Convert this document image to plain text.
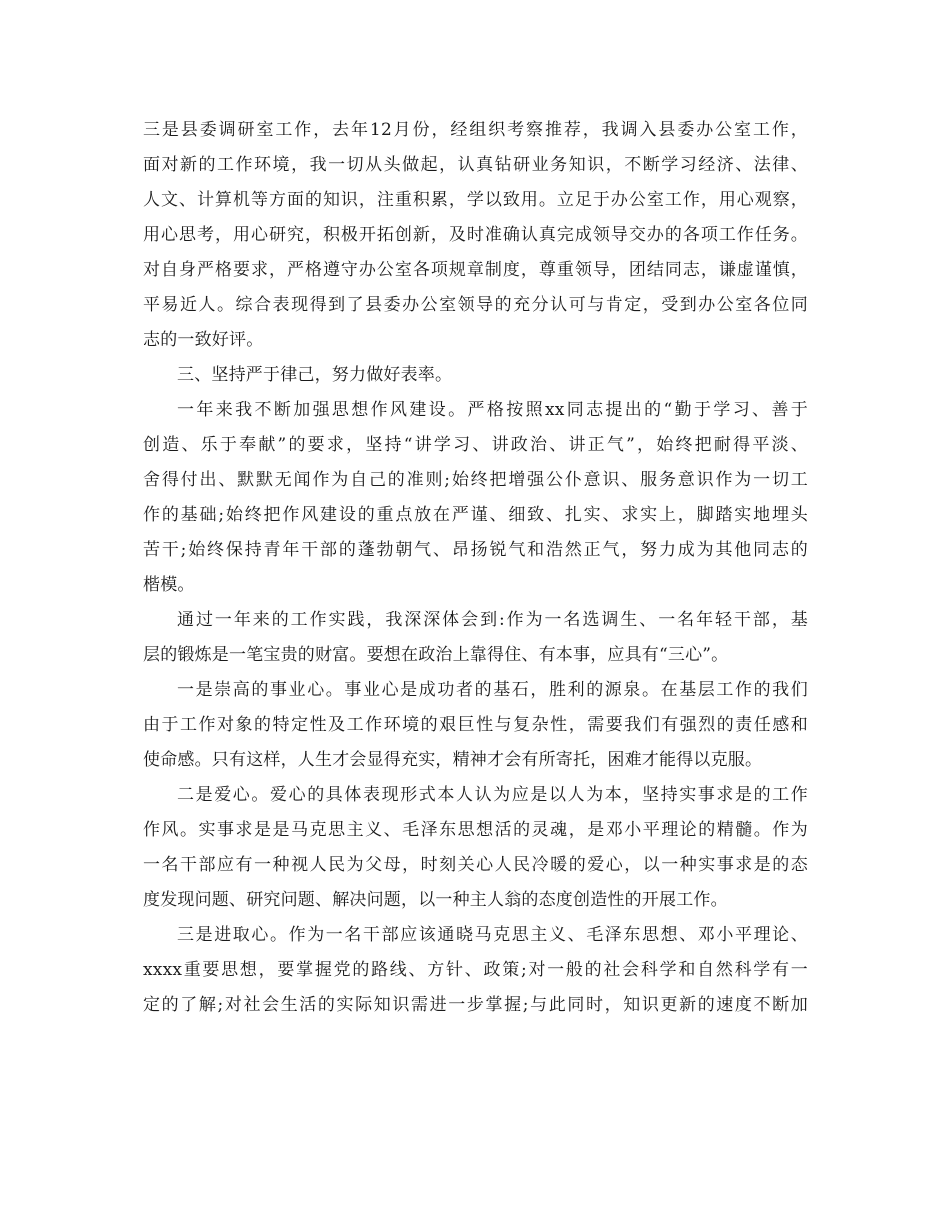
三是县委调研室工作，去年12月份，经组织考察推荐，我调入县委办公室工作，
面对新的工作环境，我一切从头做起，认真钻研业务知识，不断学习经济、法律、
人文、计算机等方面的知识，注重积累，学以致用。立足于办公室工作，用心观察，
用心思考，用心研究，积极开拓创新，及时准确认真完成领导交办的各项工作任务。
对自身严格要求，严格遵守办公室各项规章制度，尊重领导，团结同志，谦虚谨慎，
平易近人。综合表现得到了县委办公室领导的充分认可与肯定，受到办公室各位同
志的一致好评。
三、坚持严于律己，努力做好表率。
一年来我不断加强思想作风建设。严格按照xx同志提出的“勤于学习、善于
创造、乐于奉献”的要求，坚持“讲学习、讲政治、讲正气”，始终把耐得平淡、
舍得付出、默默无闻作为自己的准则;始终把增强公仆意识、服务意识作为一切工
作的基础;始终把作风建设的重点放在严谨、细致、扎实、求实上，脚踏实地埋头
苦干;始终保持青年干部的蓬勃朝气、昂扬锐气和浩然正气，努力成为其他同志的
楷模。
通过一年来的工作实践，我深深体会到:作为一名选调生、一名年轻干部，基
层的锻炼是一笔宝贵的财富。要想在政治上靠得住、有本事，应具有“三心”。
一是崇高的事业心。事业心是成功者的基石，胜利的源泉。在基层工作的我们
由于工作对象的特定性及工作环境的艰巨性与复杂性，需要我们有强烈的责任感和
使命感。只有这样，人生才会显得充实，精神才会有所寄托，困难才能得以克服。
二是爱心。爱心的具体表现形式本人认为应是以人为本，坚持实事求是的工作
作风。实事求是是马克思主义、毛泽东思想活的灵魂，是邓小平理论的精髓。作为
一名干部应有一种视人民为父母，时刻关心人民冷暖的爱心，以一种实事求是的态
度发现问题、研究问题、解决问题，以一种主人翁的态度创造性的开展工作。
三是进取心。作为一名干部应该通晓马克思主义、毛泽东思想、邓小平理论、
xxxx重要思想，要掌握党的路线、方针、政策;对一般的社会科学和自然科学有一
定的了解;对社会生活的实际知识需进一步掌握;与此同时，知识更新的速度不断加
